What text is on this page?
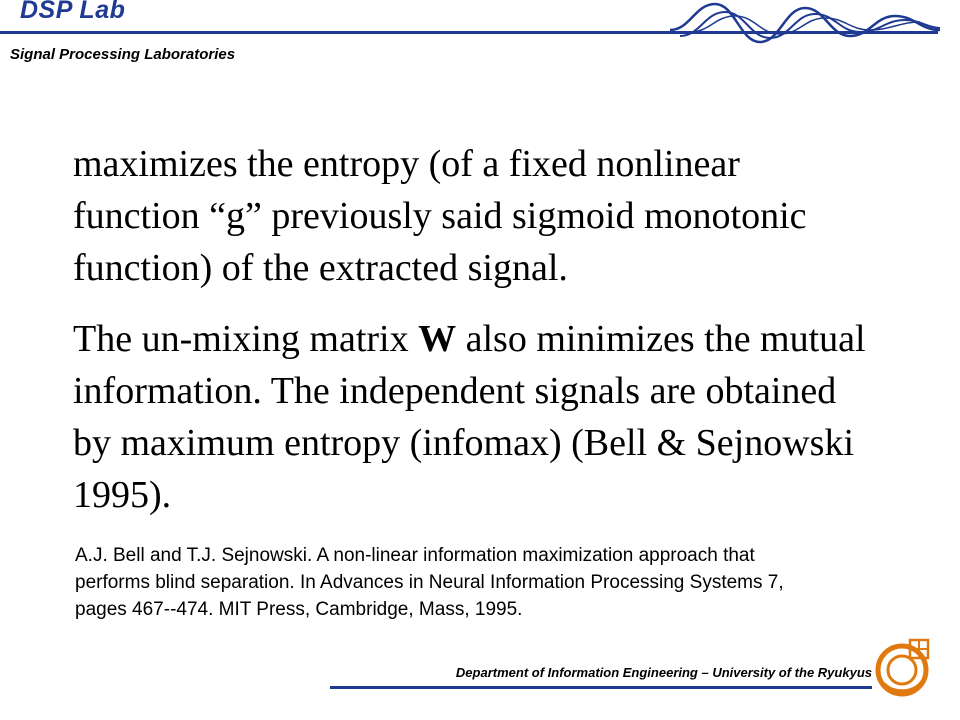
DSP Lab
Signal Processing Laboratories

maximizes the entropy (of a fixed nonlinear function “g” previously said sigmoid monotonic function) of the extracted signal.

The un-mixing matrix W also minimizes the mutual information. The independent signals are obtained by maximum entropy (infomax) (Bell & Sejnowski 1995).

A.J. Bell and T.J. Sejnowski. A non-linear information maximization approach that performs blind separation. In Advances in Neural Information Processing Systems 7, pages 467--474. MIT Press, Cambridge, Mass, 1995.

Department of Information Engineering – University of the Ryukyus
